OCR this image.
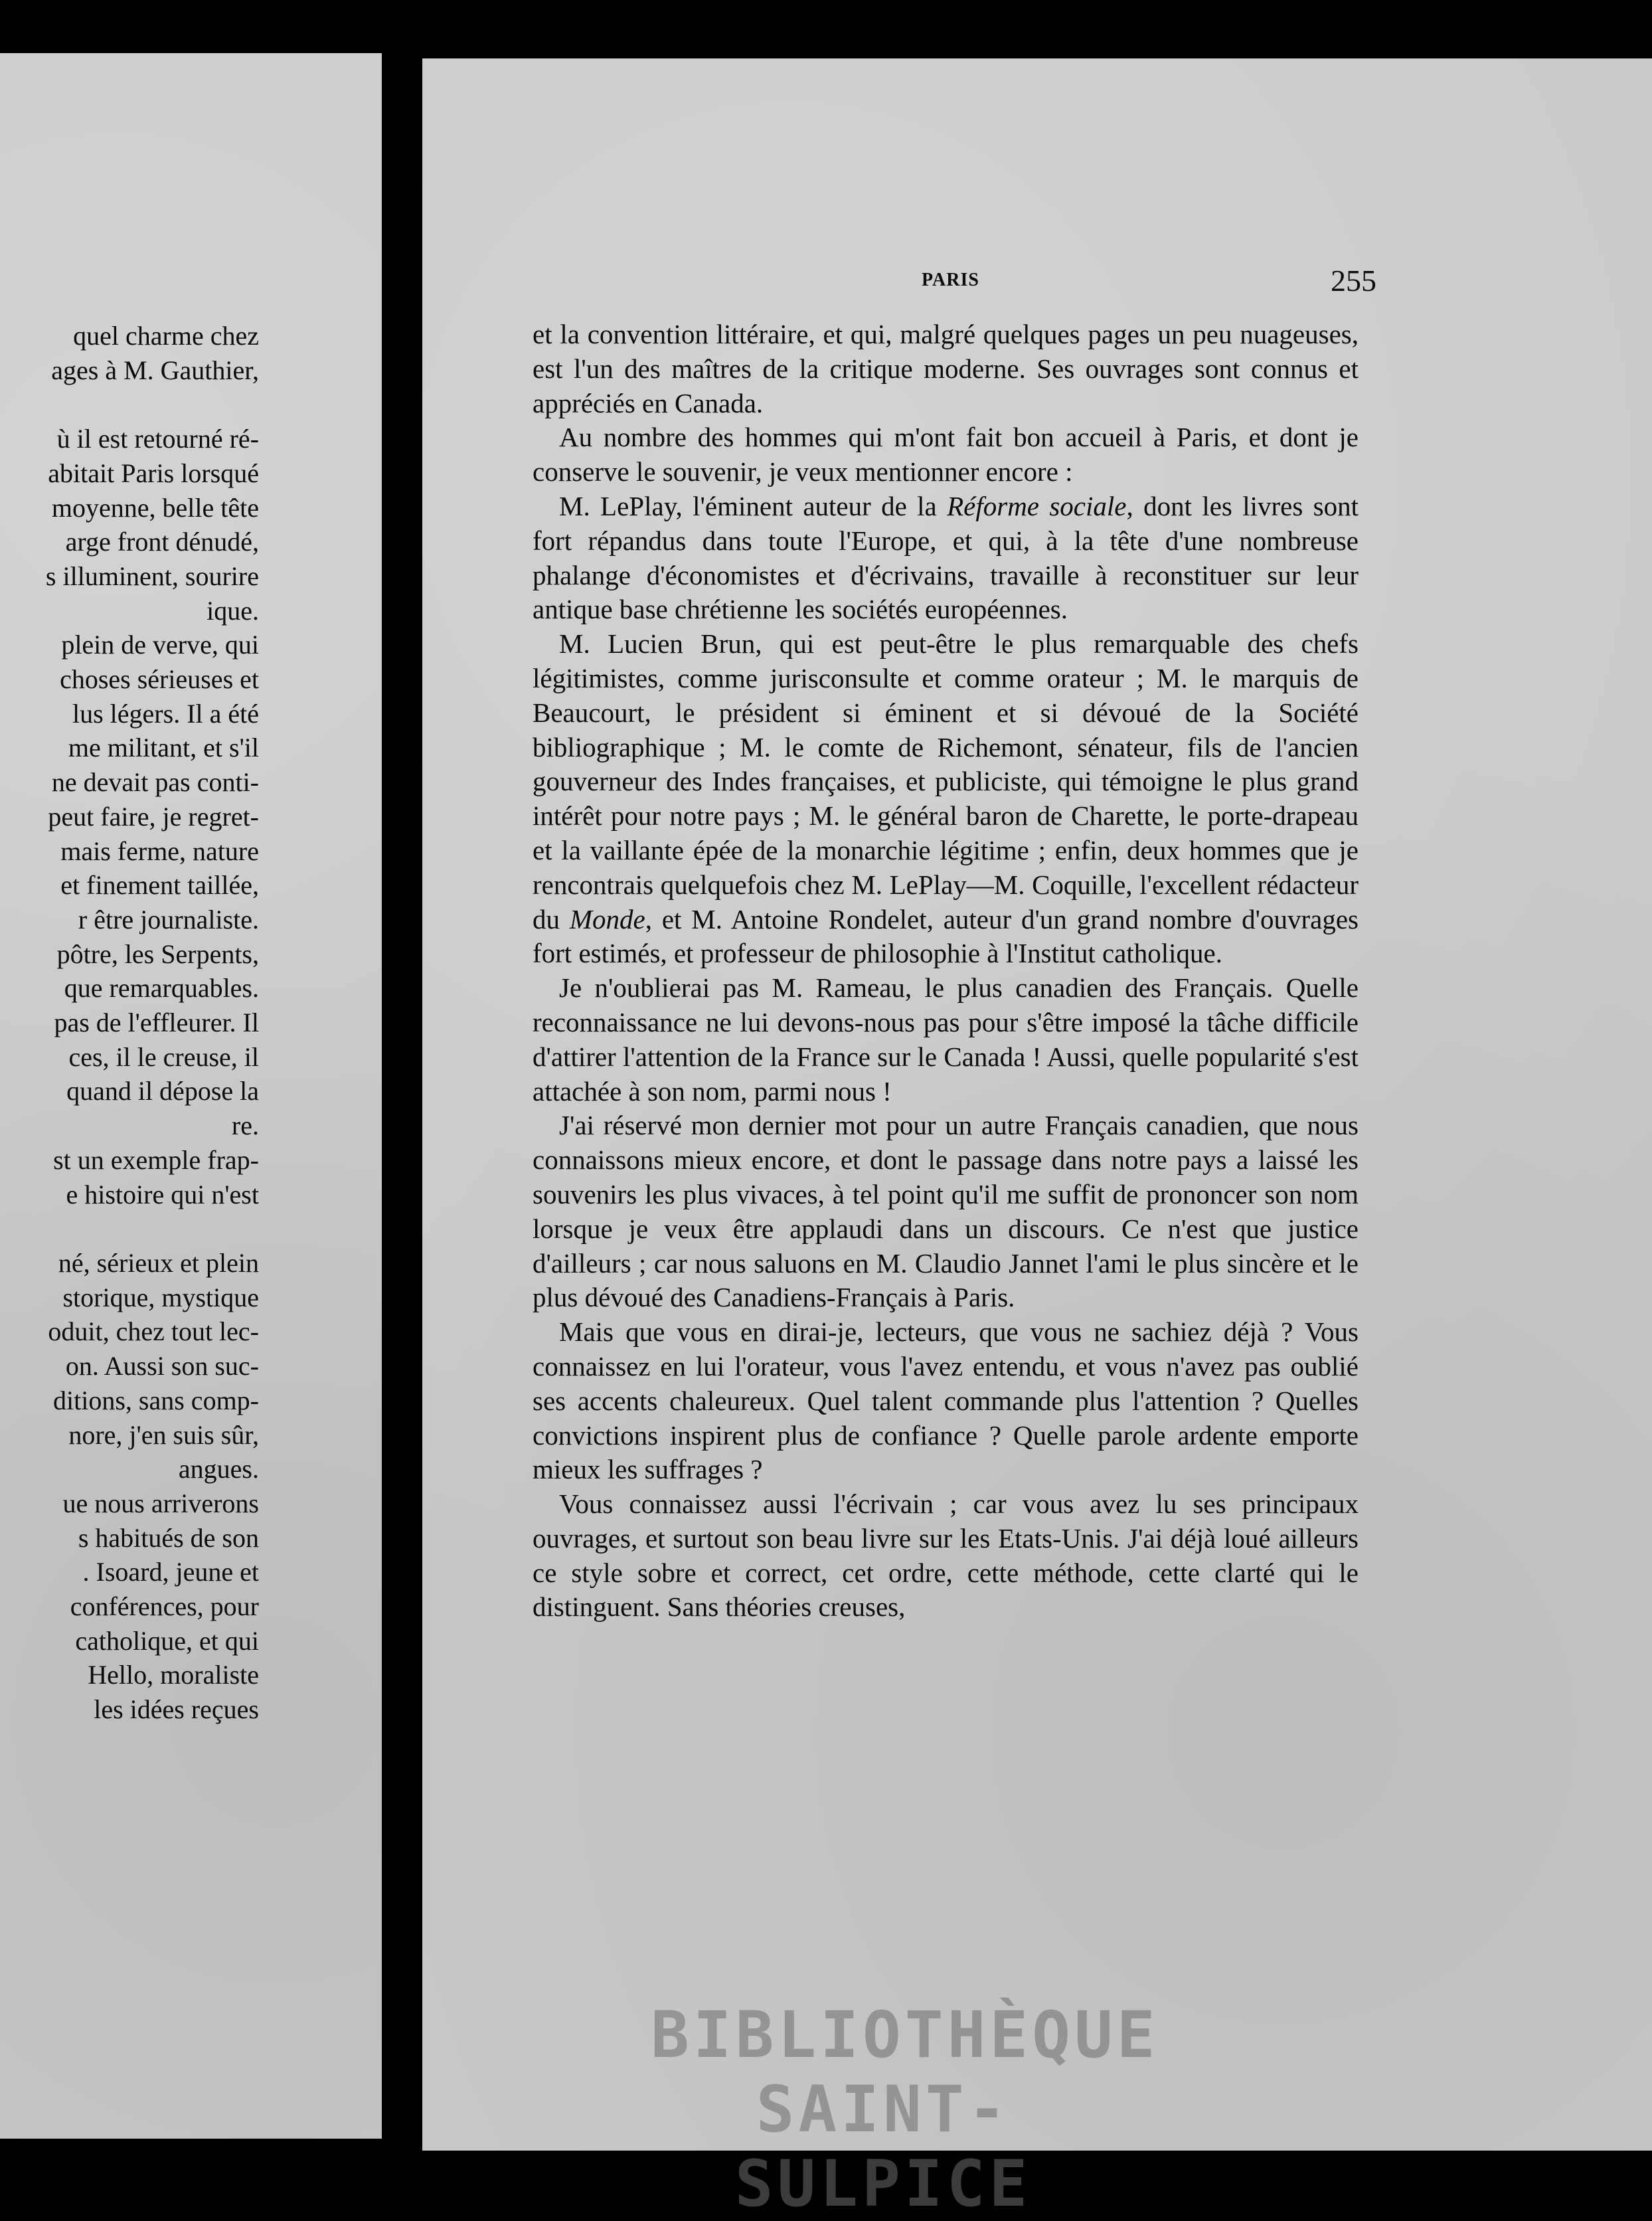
quel charme chez
ages à M. Gauthier,

ù il est retourné ré-
abitait Paris lorsqué
moyenne, belle tête
arge front dénudé,
s illuminent, sourire
ique.
plein de verve, qui
choses sérieuses et
lus légers. Il a été
me militant, et s'il
ne devait pas conti-
peut faire, je regret-
mais ferme, nature
et finement taillée,
r être journaliste.
pôtre, les Serpents,
que remarquables.
pas de l'effleurer. Il
ces, il le creuse, il
quand il dépose la
re.
st un exemple frap-
e histoire qui n'est

né, sérieux et plein
storique, mystique
oduit, chez tout lec-
on. Aussi son suc-
ditions, sans comp-
nore, j'en suis sûr,
angues.
ue nous arriverons
s habitués de son
. Isoard, jeune et
conférences, pour
catholique, et qui
Hello, moraliste
les idées reçues
PARIS	255

et la convention littéraire, et qui, malgré quelques pages un peu nuageuses, est l'un des maîtres de la critique moderne. Ses ouvrages sont connus et appréciés en Canada.

Au nombre des hommes qui m'ont fait bon accueil à Paris, et dont je conserve le souvenir, je veux mentionner encore :

M. LePlay, l'éminent auteur de la Réforme sociale, dont les livres sont fort répandus dans toute l'Europe, et qui, à la tête d'une nombreuse phalange d'économistes et d'écrivains, travaille à reconstituer sur leur antique base chrétienne les sociétés européennes.

M. Lucien Brun, qui est peut-être le plus remarquable des chefs légitimistes, comme jurisconsulte et comme orateur ; M. le marquis de Beaucourt, le président si éminent et si dévoué de la Société bibliographique ; M. le comte de Richemont, sénateur, fils de l'ancien gouverneur des Indes françaises, et publiciste, qui témoigne le plus grand intérêt pour notre pays ; M. le général baron de Charette, le porte-drapeau et la vaillante épée de la monarchie légitime ; enfin, deux hommes que je rencontrais quelquefois chez M. LePlay—M. Coquille, l'excellent rédacteur du Monde, et M. Antoine Rondelet, auteur d'un grand nombre d'ouvrages fort estimés, et professeur de philosophie à l'Institut catholique.

Je n'oublierai pas M. Rameau, le plus canadien des Français. Quelle reconnaissance ne lui devons-nous pas pour s'être imposé la tâche difficile d'attirer l'attention de la France sur le Canada ! Aussi, quelle popularité s'est attachée à son nom, parmi nous !

J'ai réservé mon dernier mot pour un autre Français canadien, que nous connaissons mieux encore, et dont le passage dans notre pays a laissé les souvenirs les plus vivaces, à tel point qu'il me suffit de prononcer son nom lorsque je veux être applaudi dans un discours. Ce n'est que justice d'ailleurs ; car nous saluons en M. Claudio Jannet l'ami le plus sincère et le plus dévoué des Canadiens-Français à Paris.

Mais que vous en dirai-je, lecteurs, que vous ne sachiez déjà ? Vous connaissez en lui l'orateur, vous l'avez entendu, et vous n'avez pas oublié ses accents chaleureux. Quel talent commande plus l'attention ? Quelles convictions inspirent plus de confiance ? Quelle parole ardente emporte mieux les suffrages ?

Vous connaissez aussi l'écrivain ; car vous avez lu ses principaux ouvrages, et surtout son beau livre sur les Etats-Unis. J'ai déjà loué ailleurs ce style sobre et correct, cet ordre, cette méthode, cette clarté qui le distinguent. Sans théories creuses,

BIBLIOTHÈQUE
SAINT-SULPICE
